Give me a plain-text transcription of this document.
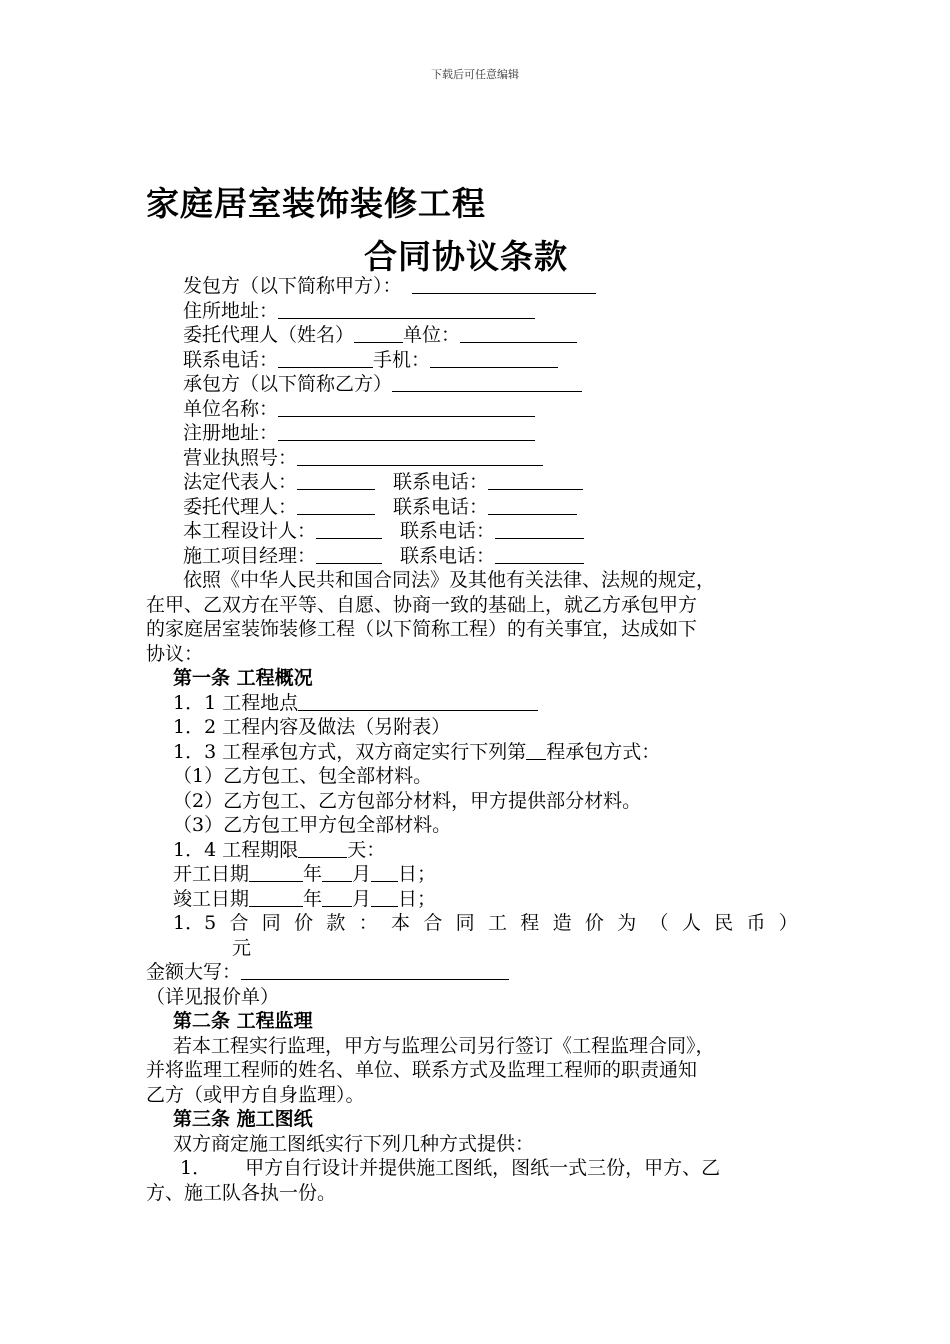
下载后可任意编辑
家庭居室装饰装修工程
合同协议条款
发包方（以下简称甲方）：
住所地址：
委托代理人（姓名）	单位：
联系电话：	手机：
承包方（以下简称乙方）
单位名称：
注册地址：
营业执照号：
法定代表人：	联系电话：
委托代理人：	联系电话：
本工程设计人：	联系电话：
施工项目经理：	联系电话：
依照《中华人民共和国合同法》及其他有关法律、法规的规定，
在甲、乙双方在平等、自愿、协商一致的基础上，就乙方承包甲方
的家庭居室装饰装修工程（以下简称工程）的有关事宜，达成如下
协议：
第一条 工程概况
1．1 工程地点
1．2 工程内容及做法（另附表）
1．3 工程承包方式，双方商定实行下列第 程承包方式：
（1）乙方包工、包全部材料。
（2）乙方包工、乙方包部分材料，甲方提供部分材料。
（3）乙方包工甲方包全部材料。
1．4 工程期限	天：
开工日期	年 月 日；
竣工日期	年 月 日；
1．5 合 同 价 款 ： 本 合 同 工 程 造 价 为 （ 人 民 币 ）
元
金额大写：
（详见报价单）
第二条 工程监理
若本工程实行监理，甲方与监理公司另行签订《工程监理合同》，
并将监理工程师的姓名、单位、联系方式及监理工程师的职责通知
乙方（或甲方自身监理）。
第三条 施工图纸
双方商定施工图纸实行下列几种方式提供：
1． 甲方自行设计并提供施工图纸，图纸一式三份，甲方、乙
方、施工队各执一份。
